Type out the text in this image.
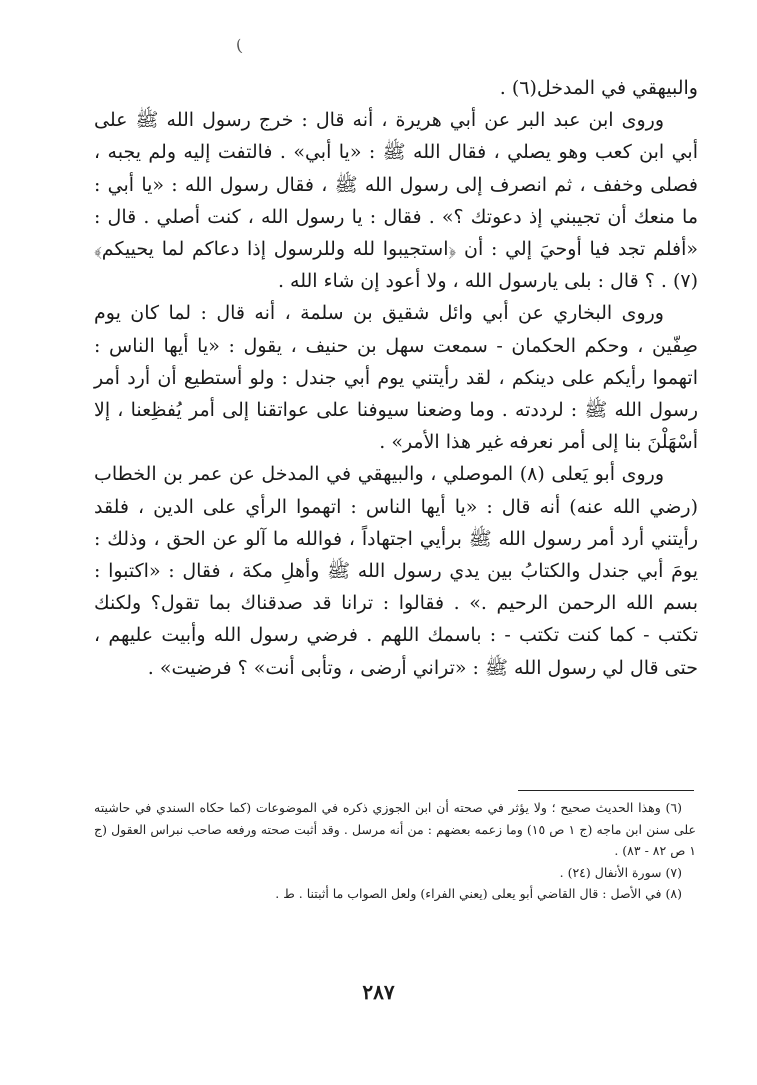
(

والبيهقي في المدخل(٦) .

وروى ابن عبد البر عن أبي هريرة ، أنه قال : خرج رسول الله ﷺ على أبي ابن كعب وهو يصلي ، فقال الله ﷺ : «يا أبي» . فالتفت إليه ولم يجبه ، فصلى وخفف ، ثم انصرف إلى رسول الله ﷺ ، فقال رسول الله : «يا أبي : ما منعك أن تجيبني إذ دعوتك ؟» . فقال : يا رسول الله ، كنت أصلي . قال : «أفلم تجد فيا أوحيَ إلي : أن ﴿استجيبوا لله وللرسول إذا دعاكم لما يحييكم﴾(٧) . ؟ قال : بلى يارسول الله ، ولا أعود إن شاء الله .

وروى البخاري عن أبي وائل شقيق بن سلمة ، أنه قال : لما كان يوم صِفّين ، وحكم الحكمان - سمعت سهل بن حنيف ، يقول : «يا أيها الناس : اتهموا رأيكم على دينكم ، لقد رأيتني يوم أبي جندل : ولو أستطيع أن أرد أمر رسول الله ﷺ : لرددته . وما وضعنا سيوفنا على عواتقنا إلى أمر يُفظِعنا ، إلا أسْهَلْنَ بنا إلى أمر نعرفه غير هذا الأمر» .

وروى أبو يَعلى (٨) الموصلي ، والبيهقي في المدخل عن عمر بن الخطاب (رضي الله عنه) أنه قال : «يا أيها الناس : اتهموا الرأي على الدين ، فلقد رأيتني أرد أمر رسول الله ﷺ برأيي اجتهاداً ، فوالله ما آلو عن الحق ، وذلك : يومَ أبي جندل والكتابُ بين يدي رسول الله ﷺ وأهلِ مكة ، فقال : «اكتبوا : بسم الله الرحمن الرحيم .» . فقالوا : ترانا قد صدقناك بما تقول؟ ولكنك تكتب - كما كنت تكتب - : باسمك اللهم . فرضي رسول الله وأبيت عليهم ، حتى قال لي رسول الله ﷺ : «تراني أرضى ، وتأبى أنت» ؟ فرضيت» .

(٦) وهذا الحديث صحيح ؛ ولا يؤثر في صحته أن ابن الجوزي ذكره في الموضوعات (كما حكاه السندي في حاشيته على سنن ابن ماجه (ج ١ ص ١٥) وما زعمه بعضهم : من أنه مرسل . وقد أثبت صحته ورفعه صاحب نبراس العقول (ج ١ ص ٨٢ - ٨٣) .

(٧) سورة الأنفال (٢٤) .

(٨) في الأصل : قال القاضي أبو يعلى (يعني الفراء) ولعل الصواب ما أثبتنا . ط .

٢٨٧
